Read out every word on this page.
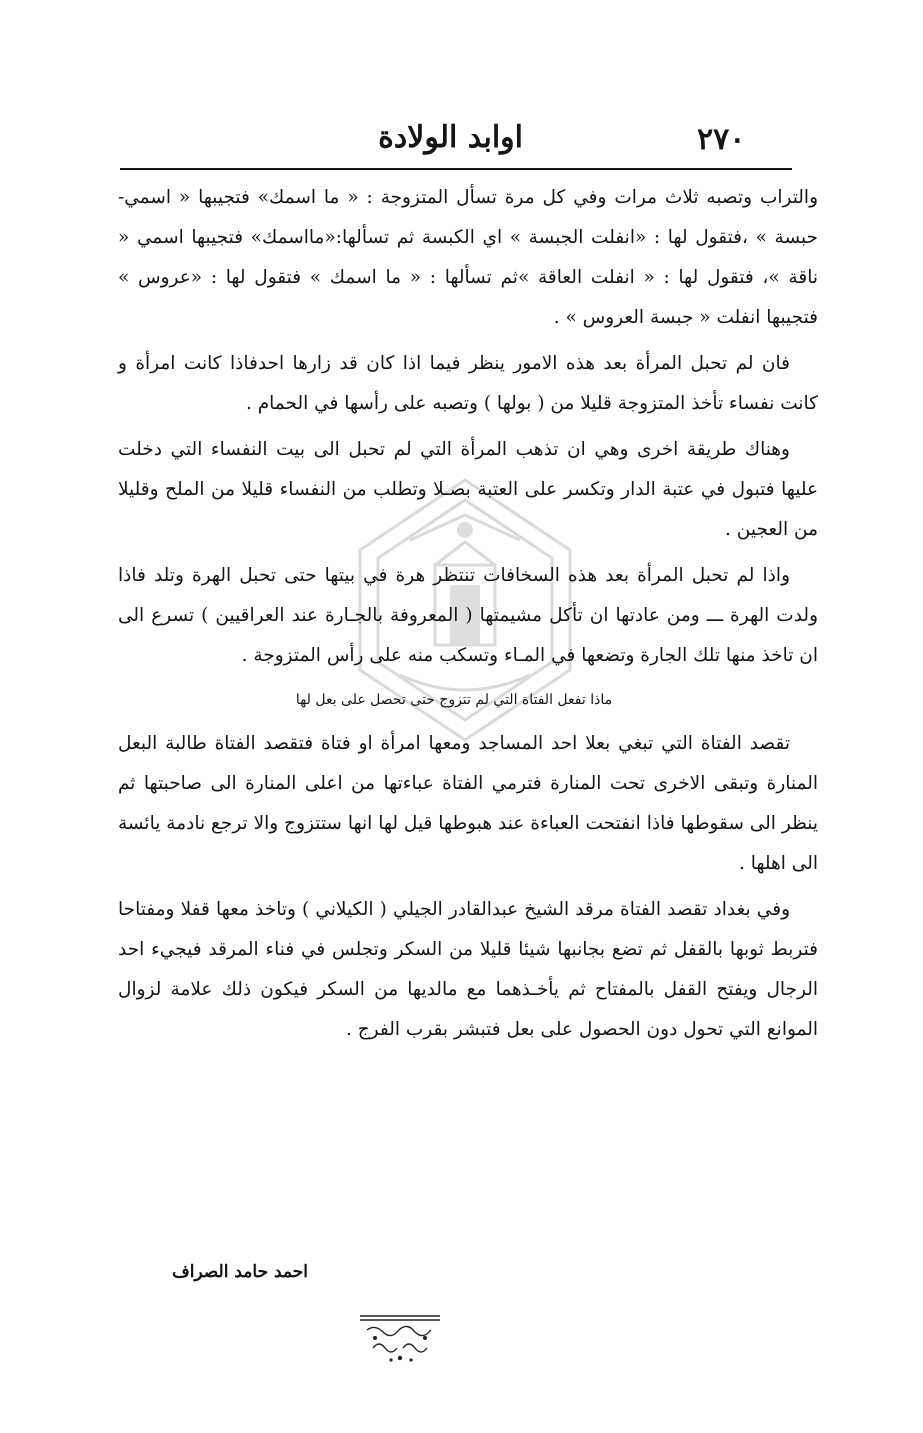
اوابد الولادة	٢٧٠

والتراب وتصبه ثلاث مرات وفي كل مرة تسأل المتزوجة : « ما اسمك» فتجيبها « اسمي-حبسة » ،فتقول لها : «انفلت الجبسة » اي الكبسة ثم تسألها:«مااسمك» فتجيبها اسمي « ناقة »، فتقول لها : « انفلت العاقة »ثم تسألها : « ما اسمك » فتقول لها : «عروس » فتجيبها انفلت « جبسة العروس » .

فان لم تحبل المرأة بعد هذه الامور ينظر فيما اذا كان قد زارها احدفاذا كانت امرأة و كانت نفساء تأخذ المتزوجة قليلا من ( بولها ) وتصبه على رأسها في الحمام .

وهناك طريقة اخرى وهي ان تذهب المرأة التي لم تحبل الى بيت النفساء التي دخلت عليها فتبول في عتبة الدار وتكسر على العتبة بصـلا وتطلب من النفساء قليلا من الملح وقليلا من العجين .

واذا لم تحبل المرأة بعد هذه السخافات تنتظر هرة في بيتها حتى تحبل الهرة وتلد فاذا ولدت الهرة ـــ ومن عادتها ان تأكل مشيمتها ( المعروفة بالجـارة عند العراقيين ) تسرع الى ان تاخذ منها تلك الجارة وتضعها في المـاء وتسكب منه على رأس المتزوجة .

ماذا تفعل الفتاة التي لم تتزوج حتى تحصل على بعل لها

تقصد الفتاة التي تبغي بعلا احد المساجد ومعها امرأة او فتاة فتقصد الفتاة طالبة البعل المنارة وتبقى الاخرى تحت المنارة فترمي الفتاة عباءتها من اعلى المنارة الى صاحبتها ثم ينظر الى سقوطها فاذا انفتحت العباءة عند هبوطها قيل لها انها ستتزوج والا ترجع نادمة يائسة الى اهلها .

وفي بغداد تقصد الفتاة مرقد الشيخ عبدالقادر الجيلي ( الكيلاني ) وتاخذ معها قفلا ومفتاحا فتربط ثوبها بالقفل ثم تضع بجانبها شيئا قليلا من السكر وتجلس في فناء المرقد فيجيء احد الرجال ويفتح القفل بالمفتاح ثم يأخـذهما مع مالديها من السكر فيكون ذلك علامة لزوال الموانع التي تحول دون الحصول على بعل فتبشر بقرب الفرج .

احمد حامد الصراف
